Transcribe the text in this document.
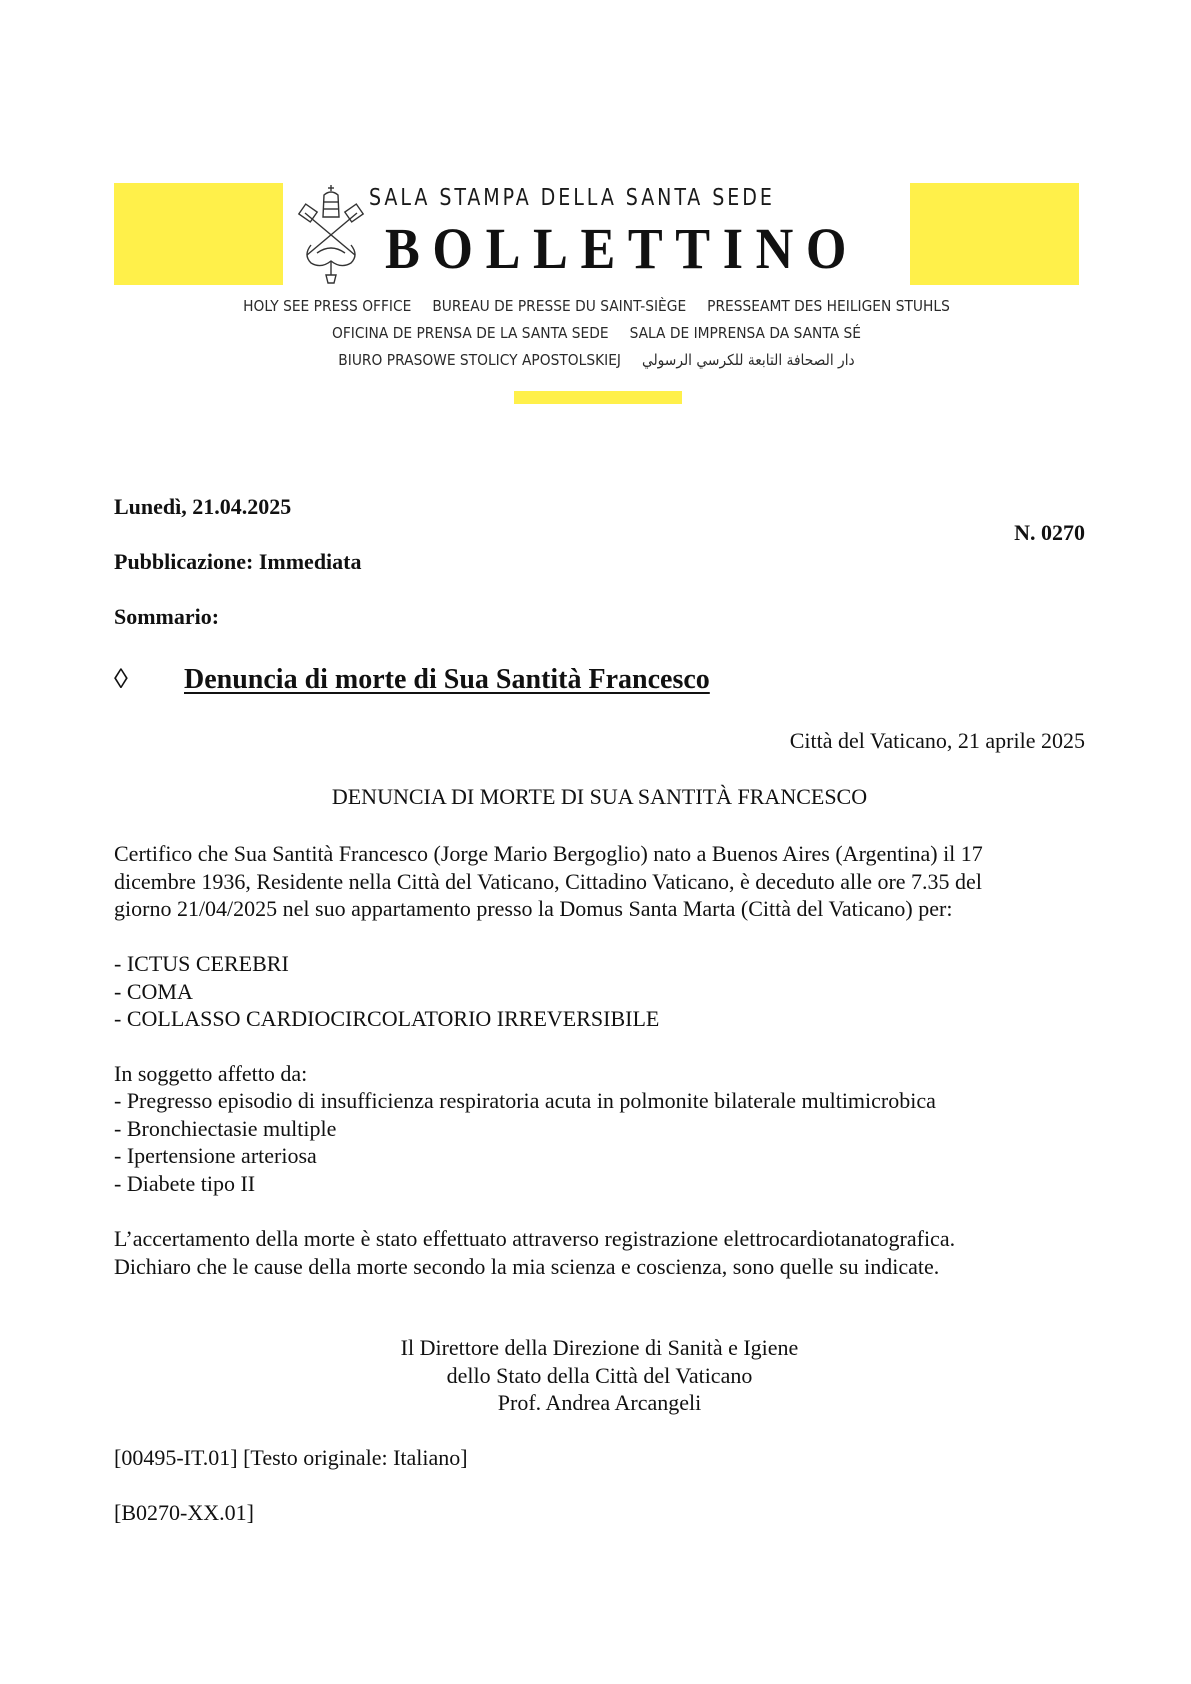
SALA STAMPA DELLA SANTA SEDE
BOLLETTINO
HOLY SEE PRESS OFFICE BUREAU DE PRESSE DU SAINT-SIÈGE PRESSEAMT DES HEILIGEN STUHLS
OFICINA DE PRENSA DE LA SANTA SEDE SALA DE IMPRENSA DA SANTA SÉ
BIURO PRASOWE STOLICY APOSTOLSKIEJ دار الصحافة التابعة للكرسي الرسولي
Lunedì, 21.04.2025
N. 0270
Pubblicazione: Immediata
Sommario:
◊ Denuncia di morte di Sua Santità Francesco
Città del Vaticano, 21 aprile 2025
DENUNCIA DI MORTE DI SUA SANTITÀ FRANCESCO
Certifico che Sua Santità Francesco (Jorge Mario Bergoglio) nato a Buenos Aires (Argentina) il 17
dicembre 1936, Residente nella Città del Vaticano, Cittadino Vaticano, è deceduto alle ore 7.35 del
giorno 21/04/2025 nel suo appartamento presso la Domus Santa Marta (Città del Vaticano) per:
- ICTUS CEREBRI
- COMA
- COLLASSO CARDIOCIRCOLATORIO IRREVERSIBILE
In soggetto affetto da:
- Pregresso episodio di insufficienza respiratoria acuta in polmonite bilaterale multimicrobica
- Bronchiectasie multiple
- Ipertensione arteriosa
- Diabete tipo II
L’accertamento della morte è stato effettuato attraverso registrazione elettrocardiotanatografica.
Dichiaro che le cause della morte secondo la mia scienza e coscienza, sono quelle su indicate.
Il Direttore della Direzione di Sanità e Igiene
dello Stato della Città del Vaticano
Prof. Andrea Arcangeli
[00495-IT.01] [Testo originale: Italiano]
[B0270-XX.01]
